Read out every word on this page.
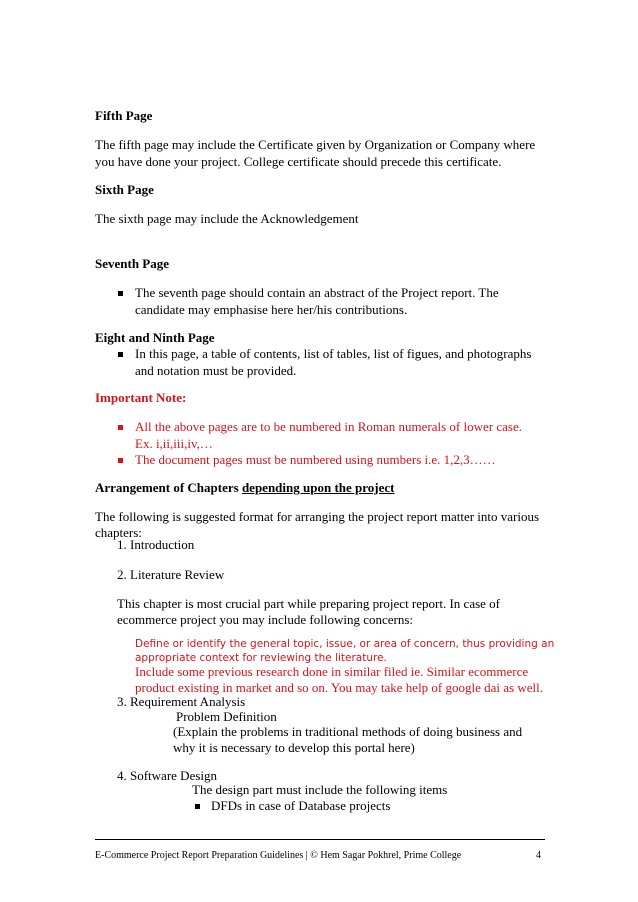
Fifth Page
The fifth page may include the Certificate given by Organization or Company where
you have done your project. College certificate should precede this certificate.
Sixth Page
The sixth page may include the Acknowledgement
Seventh Page
The seventh page should contain an abstract of the Project report. The
candidate may emphasise here her/his contributions.
Eight and Ninth Page
In this page, a table of contents, list of tables, list of figues, and photographs
and notation must be provided.
Important Note:
All the above pages are to be numbered in Roman numerals of lower case.
Ex. i,ii,iii,iv,…
The document pages must be numbered using numbers i.e. 1,2,3……
Arrangement of Chapters depending upon the project
The following is suggested format for arranging the project report matter into various
chapters:
1. Introduction
2. Literature Review
This chapter is most crucial part while preparing project report. In case of
ecommerce project you may include following concerns:
Define or identify the general topic, issue, or area of concern, thus providing an
appropriate context for reviewing the literature.
Include some previous research done in similar filed ie. Similar ecommerce
product existing in market and so on. You may take help of google dai as well.
3. Requirement Analysis
Problem Definition
(Explain the problems in traditional methods of doing business and
why it is necessary to develop this portal here)
4. Software Design
The design part must include the following items
DFDs in case of Database projects
E-Commerce Project Report Preparation Guidelines | © Hem Sagar Pokhrel, Prime College	4
